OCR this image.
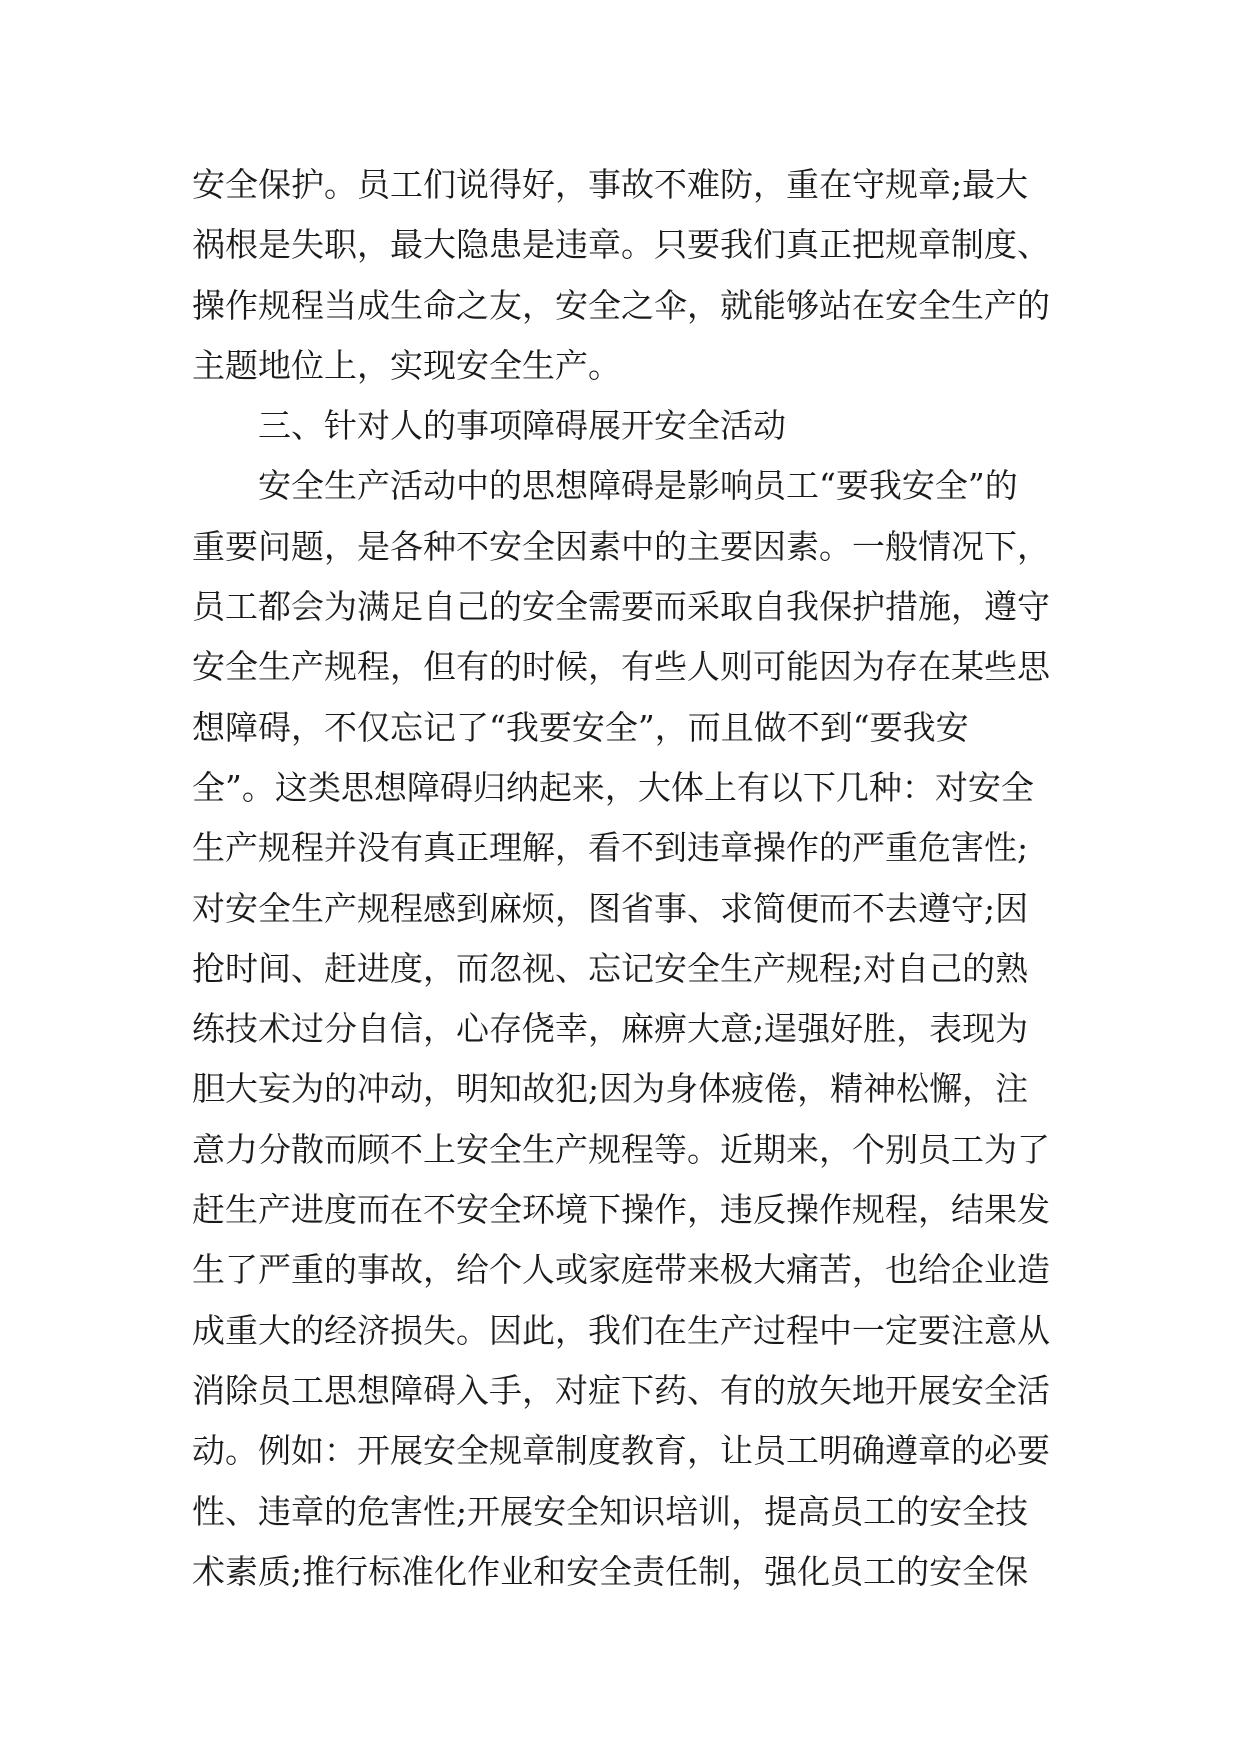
安全保护。员工们说得好，事故不难防，重在守规章;最大
祸根是失职，最大隐患是违章。只要我们真正把规章制度、
操作规程当成生命之友，安全之伞，就能够站在安全生产的
主题地位上，实现安全生产。
三、针对人的事项障碍展开安全活动
安全生产活动中的思想障碍是影响员工“要我安全”的
重要问题，是各种不安全因素中的主要因素。一般情况下，
员工都会为满足自己的安全需要而采取自我保护措施，遵守
安全生产规程，但有的时候，有些人则可能因为存在某些思
想障碍，不仅忘记了“我要安全”，而且做不到“要我安
全”。这类思想障碍归纳起来，大体上有以下几种：对安全
生产规程并没有真正理解，看不到违章操作的严重危害性;
对安全生产规程感到麻烦，图省事、求简便而不去遵守;因
抢时间、赶进度，而忽视、忘记安全生产规程;对自己的熟
练技术过分自信，心存侥幸，麻痹大意;逞强好胜，表现为
胆大妄为的冲动，明知故犯;因为身体疲倦，精神松懈，注
意力分散而顾不上安全生产规程等。近期来，个别员工为了
赶生产进度而在不安全环境下操作，违反操作规程，结果发
生了严重的事故，给个人或家庭带来极大痛苦，也给企业造
成重大的经济损失。因此，我们在生产过程中一定要注意从
消除员工思想障碍入手，对症下药、有的放矢地开展安全活
动。例如：开展安全规章制度教育，让员工明确遵章的必要
性、违章的危害性;开展安全知识培训，提高员工的安全技
术素质;推行标准化作业和安全责任制，强化员工的安全保
